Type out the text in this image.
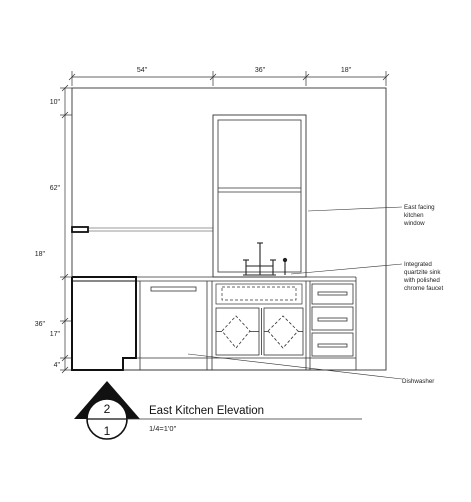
54"	36"	18"
10"
62"
18"
36"
17"
4"
East facing
kitchen
window
Integrated
quartzite sink
with polished
chrome faucet
Dishwasher
2
1
East Kitchen Elevation
1/4=1'0"
